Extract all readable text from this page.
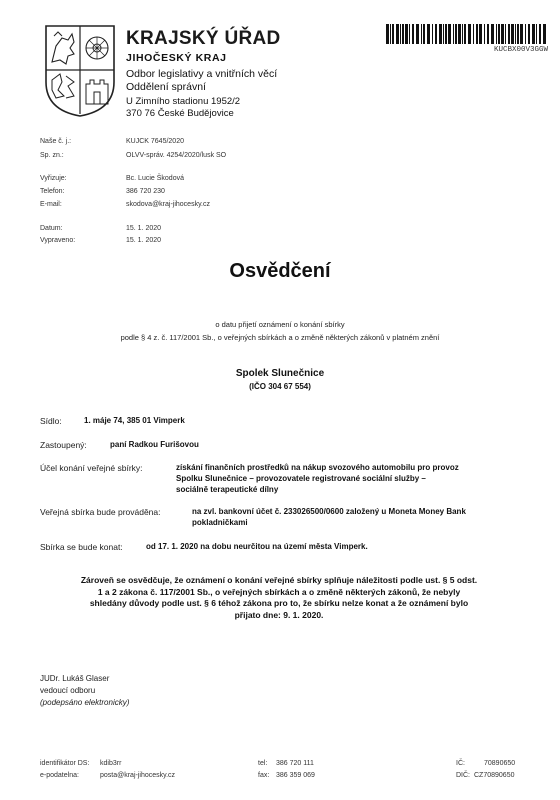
KRAJSKÝ ÚŘAD
JIHOČESKÝ KRAJ
Odbor legislativy a vnitřních věcí
Oddělení správní
U Zimního stadionu 1952/2
370 76 České Budějovice
KUCBX00V3GGW
Naše č. j.:	KUJCK 7645/2020
Sp. zn.:	OLVV-správ. 4254/2020/lusk SO
Vyřizuje:	Bc. Lucie Škodová
Telefon:	386 720 230
E-mail:	skodova@kraj-jihocesky.cz
Datum:	15. 1. 2020
Vypraveno:	15. 1. 2020
Osvědčení
o datu přijetí oznámení o konání sbírky
podle § 4 z. č. 117/2001 Sb., o veřejných sbírkách a o změně některých zákonů v platném znění
Spolek Slunečnice
(IČO 304 67 554)
Sídlo:	1. máje 74, 385 01 Vimperk
Zastoupený:	paní Radkou Furišovou
Účel konání veřejné sbírky:	získání finančních prostředků na nákup svozového automobilu pro provoz
Spolku Slunečnice – provozovatele registrované sociální služby –
sociálně terapeutické dílny
Veřejná sbírka bude prováděna:	na zvl. bankovní účet č. 233026500/0600 založený u Moneta Money Bank
pokladničkami
Sbírka se bude konat:	od 17. 1. 2020 na dobu neurčitou na území města Vimperk.
Zároveň se osvědčuje, že oznámení o konání veřejné sbírky splňuje náležitosti podle ust. § 5 odst.
1 a 2 zákona č. 117/2001 Sb., o veřejných sbírkách a o změně některých zákonů, že nebyly
shledány důvody podle ust. § 6 téhož zákona pro to, že sbírku nelze konat a že oznámení bylo
přijato dne: 9. 1. 2020.
JUDr. Lukáš Glaser
vedoucí odboru
(podepsáno elektronicky)
identifikátor DS: kdib3rr
e-podatelna:	posta@kraj-jihocesky.cz
tel: 386 720 111
fax: 386 359 069
IČ:	70890650
DIČ: CZ70890650
